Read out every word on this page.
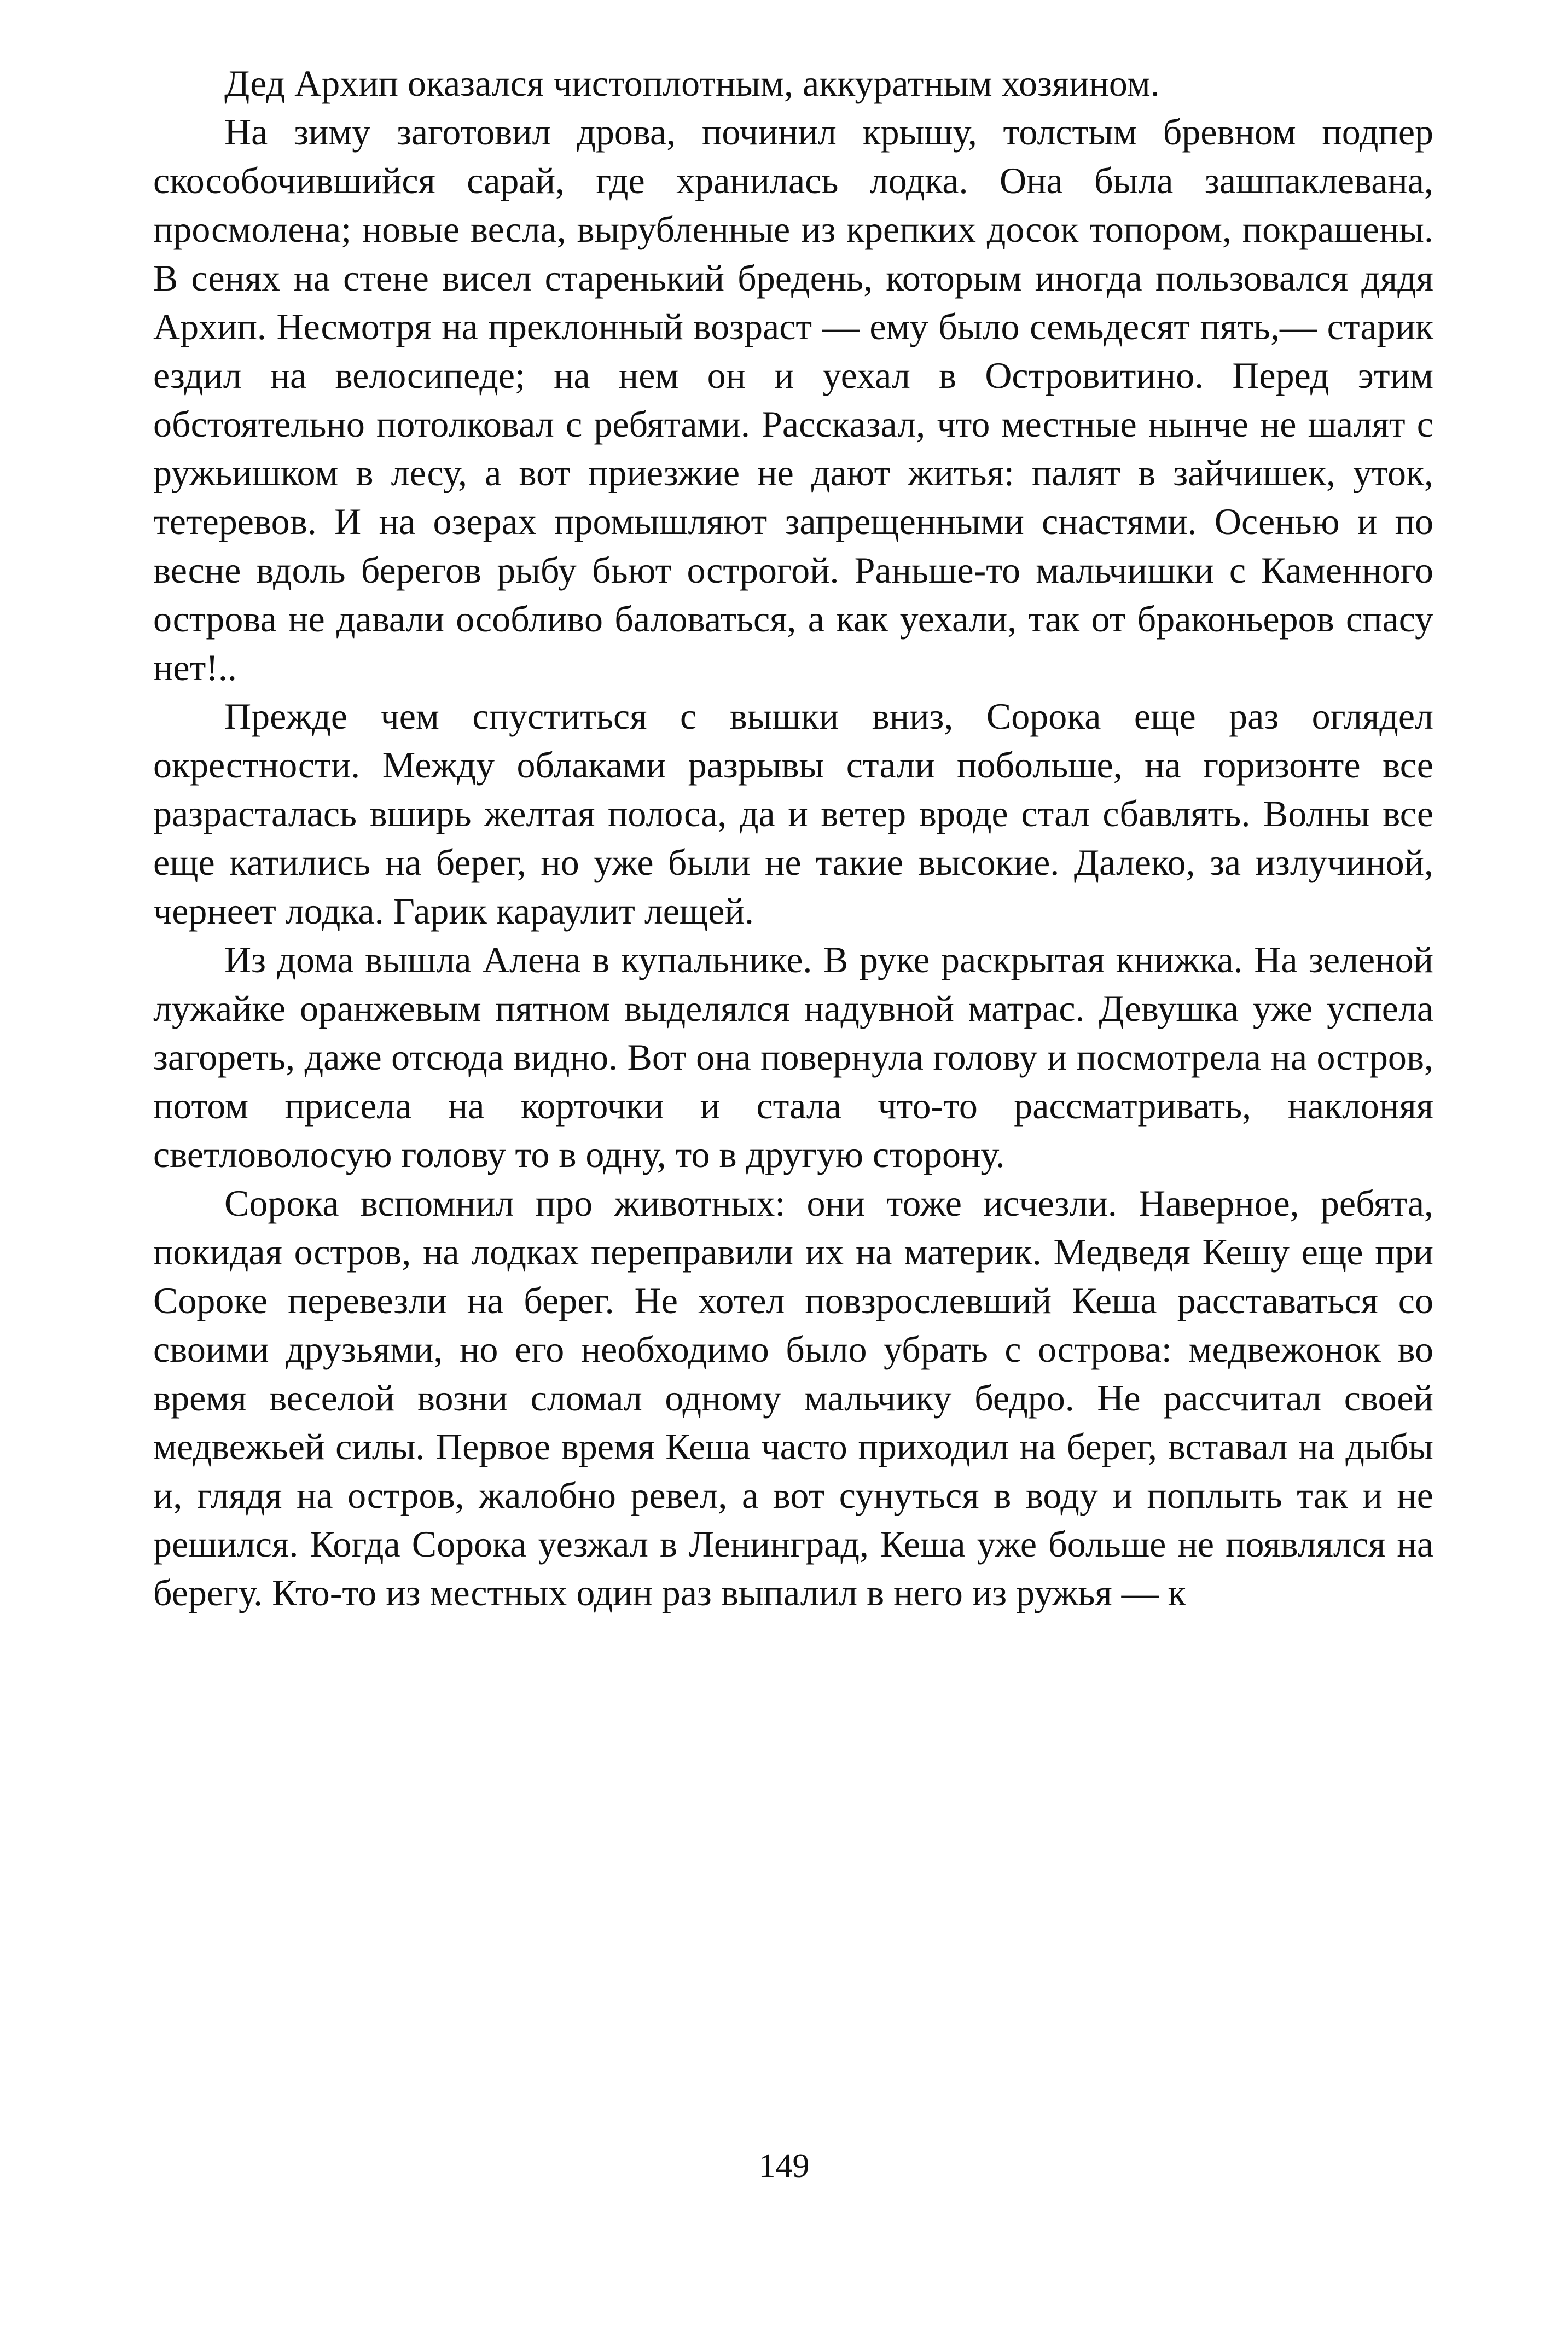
Дед Архип оказался чистоплотным, аккуратным хозяином.

На зиму заготовил дрова, починил крышу, толстым бревном подпер скособочившийся сарай, где хранилась лодка. Она была зашпаклевана, просмолена; новые весла, вырубленные из крепких досок топором, покрашены. В сенях на стене висел старенький бредень, которым иногда пользовался дядя Архип. Несмотря на преклонный возраст — ему было семьдесят пять,— старик ездил на велосипеде; на нем он и уехал в Островитино. Перед этим обстоятельно потолковал с ребятами. Рассказал, что местные нынче не шалят с ружьишком в лесу, а вот приезжие не дают житья: палят в зайчишек, уток, тетеревов. И на озерах промышляют запрещенными снастями. Осенью и по весне вдоль берегов рыбу бьют острогой. Раньше-то мальчишки с Каменного острова не давали особливо баловаться, а как уехали, так от браконьеров спасу нет!..

Прежде чем спуститься с вышки вниз, Сорока еще раз оглядел окрестности. Между облаками разрывы стали побольше, на горизонте все разрасталась вширь желтая полоса, да и ветер вроде стал сбавлять. Волны все еще катились на берег, но уже были не такие высокие. Далеко, за излучиной, чернеет лодка. Гарик караулит лещей.

Из дома вышла Алена в купальнике. В руке раскрытая книжка. На зеленой лужайке оранжевым пятном выделялся надувной матрас. Девушка уже успела загореть, даже отсюда видно. Вот она повернула голову и посмотрела на остров, потом присела на корточки и стала что-то рассматривать, наклоняя светловолосую голову то в одну, то в другую сторону.

Сорока вспомнил про животных: они тоже исчезли. Наверное, ребята, покидая остров, на лодках переправили их на материк. Медведя Кешу еще при Сороке перевезли на берег. Не хотел повзрослевший Кеша расставаться со своими друзьями, но его необходимо было убрать с острова: медвежонок во время веселой возни сломал одному мальчику бедро. Не рассчитал своей медвежьей силы. Первое время Кеша часто приходил на берег, вставал на дыбы и, глядя на остров, жалобно ревел, а вот сунуться в воду и поплыть так и не решился. Когда Сорока уезжал в Ленинград, Кеша уже больше не появлялся на берегу. Кто-то из местных один раз выпалил в него из ружья — к

149
